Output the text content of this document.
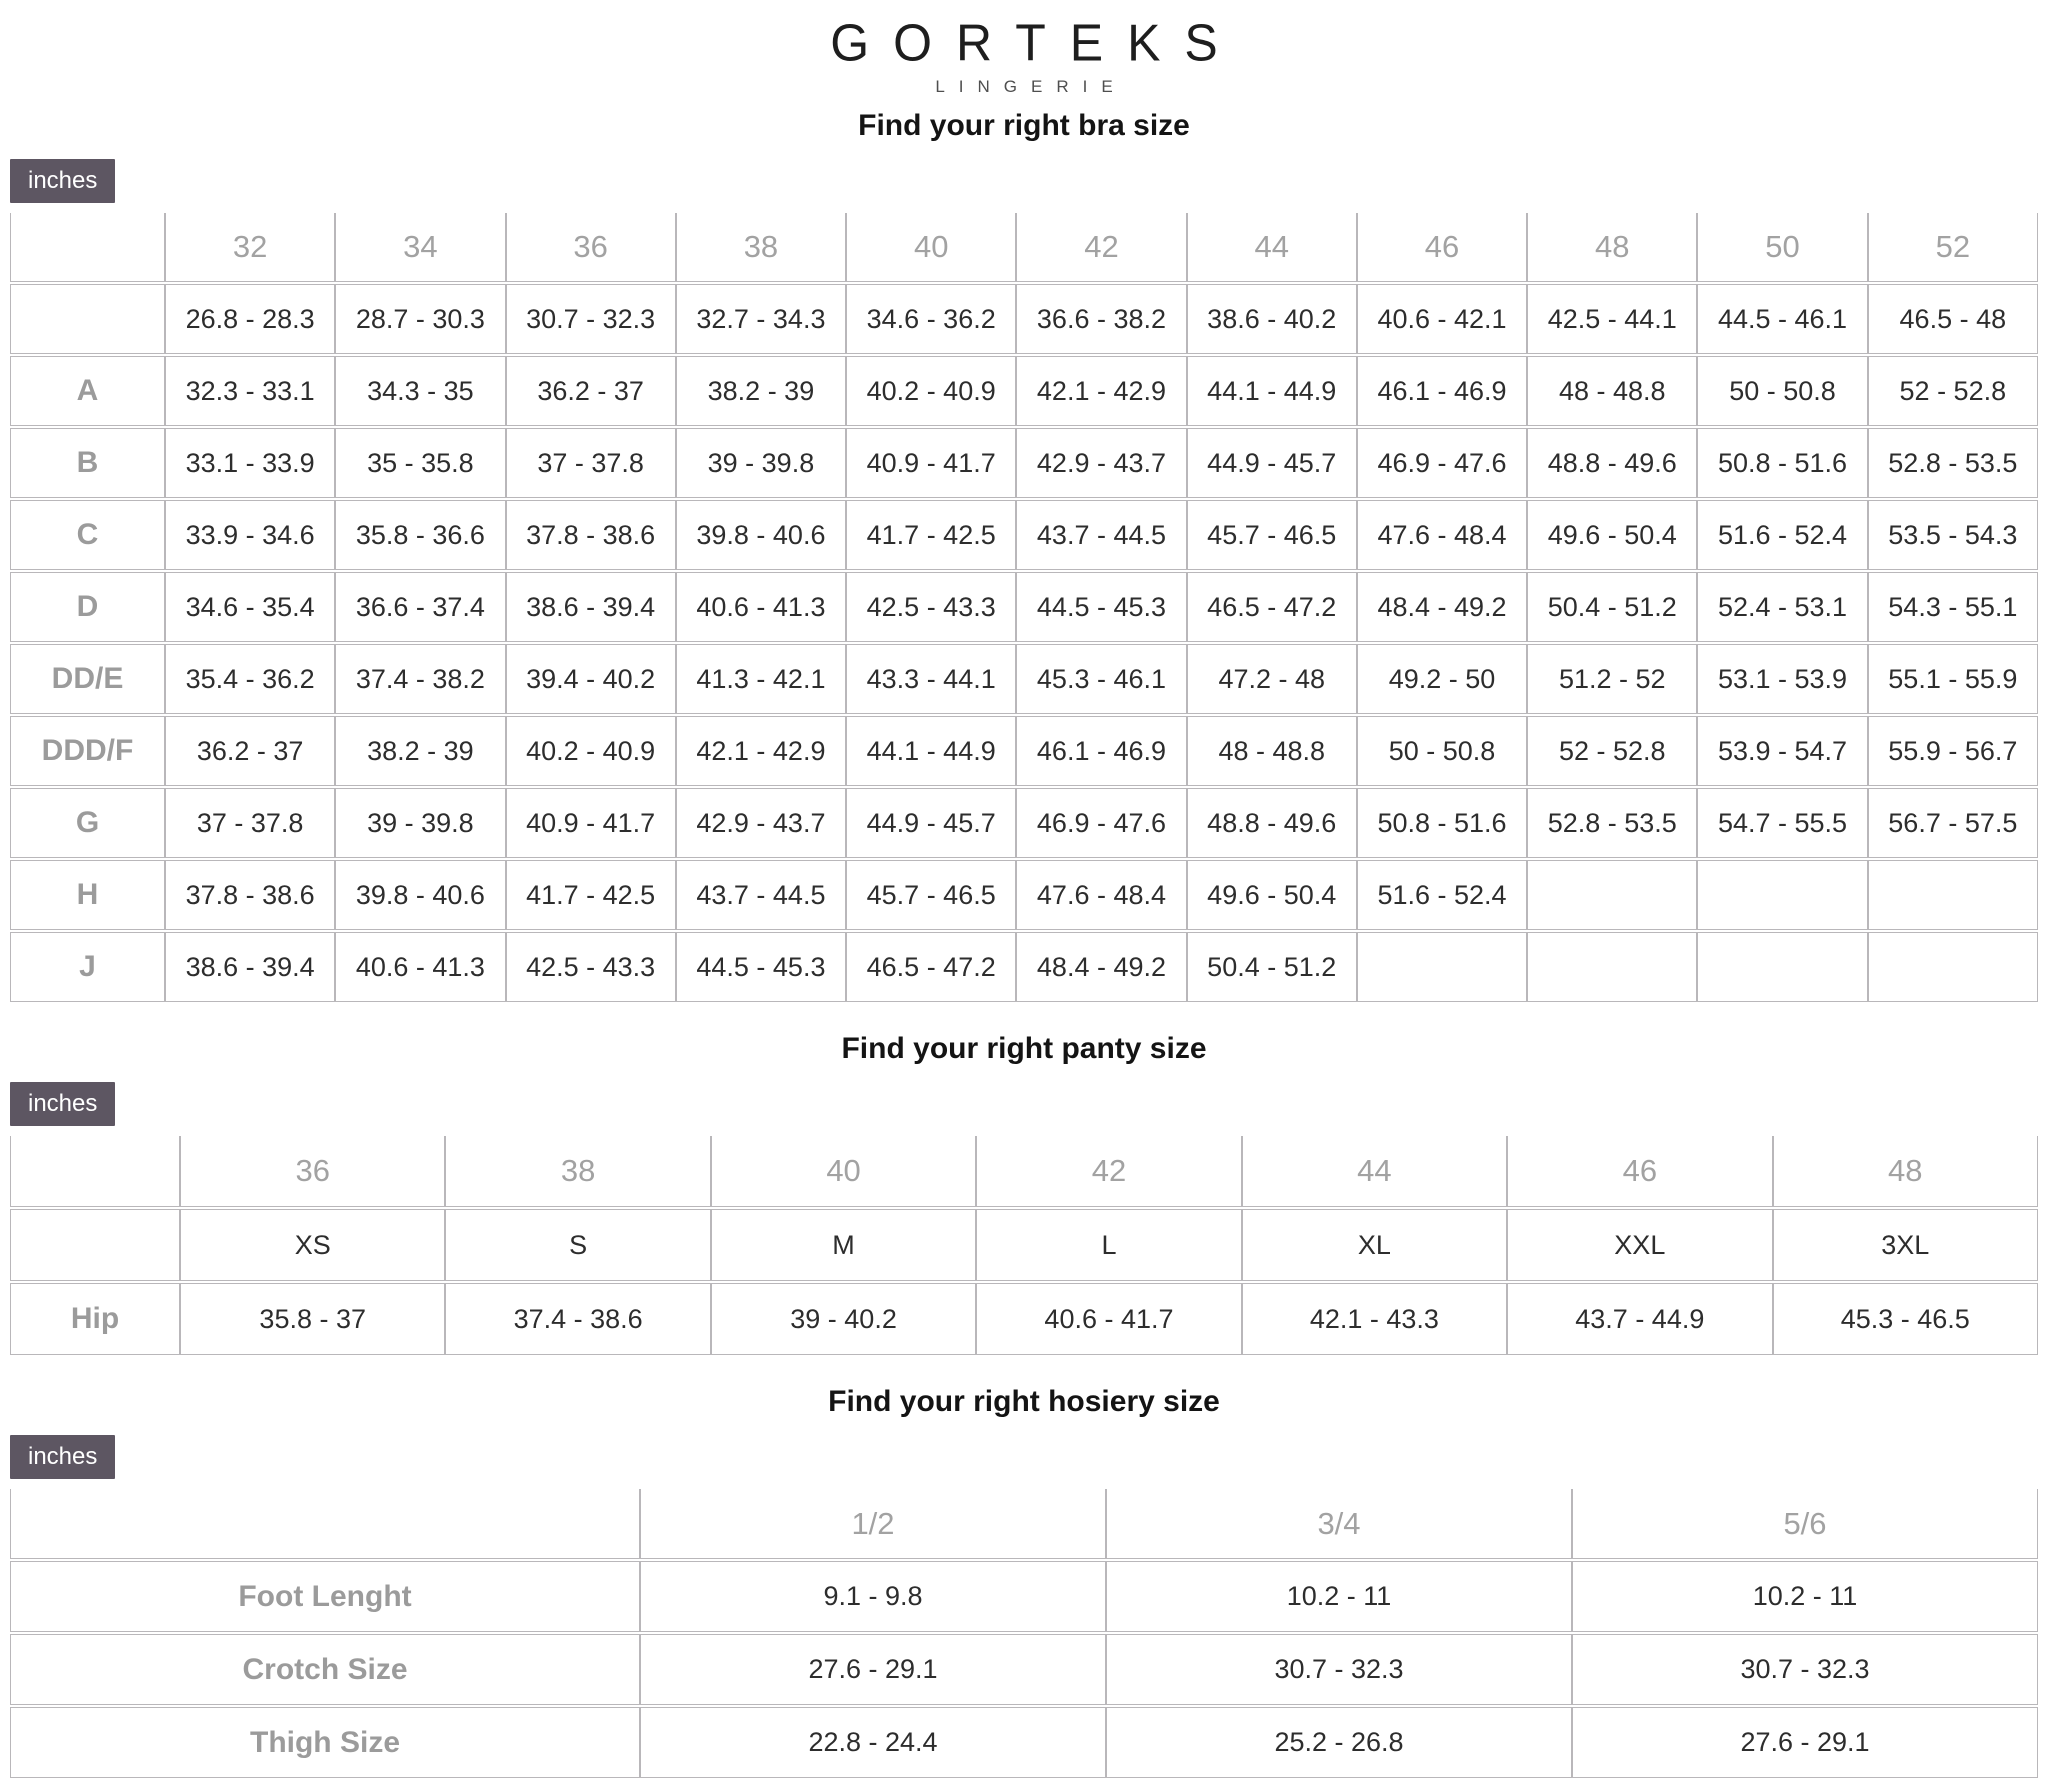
GORTEKS
LINGERIE
Find your right bra size
inches
	32	34	36	38	40	42	44	46	48	50	52
	26.8 - 28.3	28.7 - 30.3	30.7 - 32.3	32.7 - 34.3	34.6 - 36.2	36.6 - 38.2	38.6 - 40.2	40.6 - 42.1	42.5 - 44.1	44.5 - 46.1	46.5 - 48
A	32.3 - 33.1	34.3 - 35	36.2 - 37	38.2 - 39	40.2 - 40.9	42.1 - 42.9	44.1 - 44.9	46.1 - 46.9	48 - 48.8	50 - 50.8	52 - 52.8
B	33.1 - 33.9	35 - 35.8	37 - 37.8	39 - 39.8	40.9 - 41.7	42.9 - 43.7	44.9 - 45.7	46.9 - 47.6	48.8 - 49.6	50.8 - 51.6	52.8 - 53.5
C	33.9 - 34.6	35.8 - 36.6	37.8 - 38.6	39.8 - 40.6	41.7 - 42.5	43.7 - 44.5	45.7 - 46.5	47.6 - 48.4	49.6 - 50.4	51.6 - 52.4	53.5 - 54.3
D	34.6 - 35.4	36.6 - 37.4	38.6 - 39.4	40.6 - 41.3	42.5 - 43.3	44.5 - 45.3	46.5 - 47.2	48.4 - 49.2	50.4 - 51.2	52.4 - 53.1	54.3 - 55.1
DD/E	35.4 - 36.2	37.4 - 38.2	39.4 - 40.2	41.3 - 42.1	43.3 - 44.1	45.3 - 46.1	47.2 - 48	49.2 - 50	51.2 - 52	53.1 - 53.9	55.1 - 55.9
DDD/F	36.2 - 37	38.2 - 39	40.2 - 40.9	42.1 - 42.9	44.1 - 44.9	46.1 - 46.9	48 - 48.8	50 - 50.8	52 - 52.8	53.9 - 54.7	55.9 - 56.7
G	37 - 37.8	39 - 39.8	40.9 - 41.7	42.9 - 43.7	44.9 - 45.7	46.9 - 47.6	48.8 - 49.6	50.8 - 51.6	52.8 - 53.5	54.7 - 55.5	56.7 - 57.5
H	37.8 - 38.6	39.8 - 40.6	41.7 - 42.5	43.7 - 44.5	45.7 - 46.5	47.6 - 48.4	49.6 - 50.4	51.6 - 52.4			
J	38.6 - 39.4	40.6 - 41.3	42.5 - 43.3	44.5 - 45.3	46.5 - 47.2	48.4 - 49.2	50.4 - 51.2				
Find your right panty size
inches
	36	38	40	42	44	46	48
	XS	S	M	L	XL	XXL	3XL
Hip	35.8 - 37	37.4 - 38.6	39 - 40.2	40.6 - 41.7	42.1 - 43.3	43.7 - 44.9	45.3 - 46.5
Find your right hosiery size
inches
	1/2	3/4	5/6
Foot Lenght	9.1 - 9.8	10.2 - 11	10.2 - 11
Crotch Size	27.6 - 29.1	30.7 - 32.3	30.7 - 32.3
Thigh Size	22.8 - 24.4	25.2 - 26.8	27.6 - 29.1
